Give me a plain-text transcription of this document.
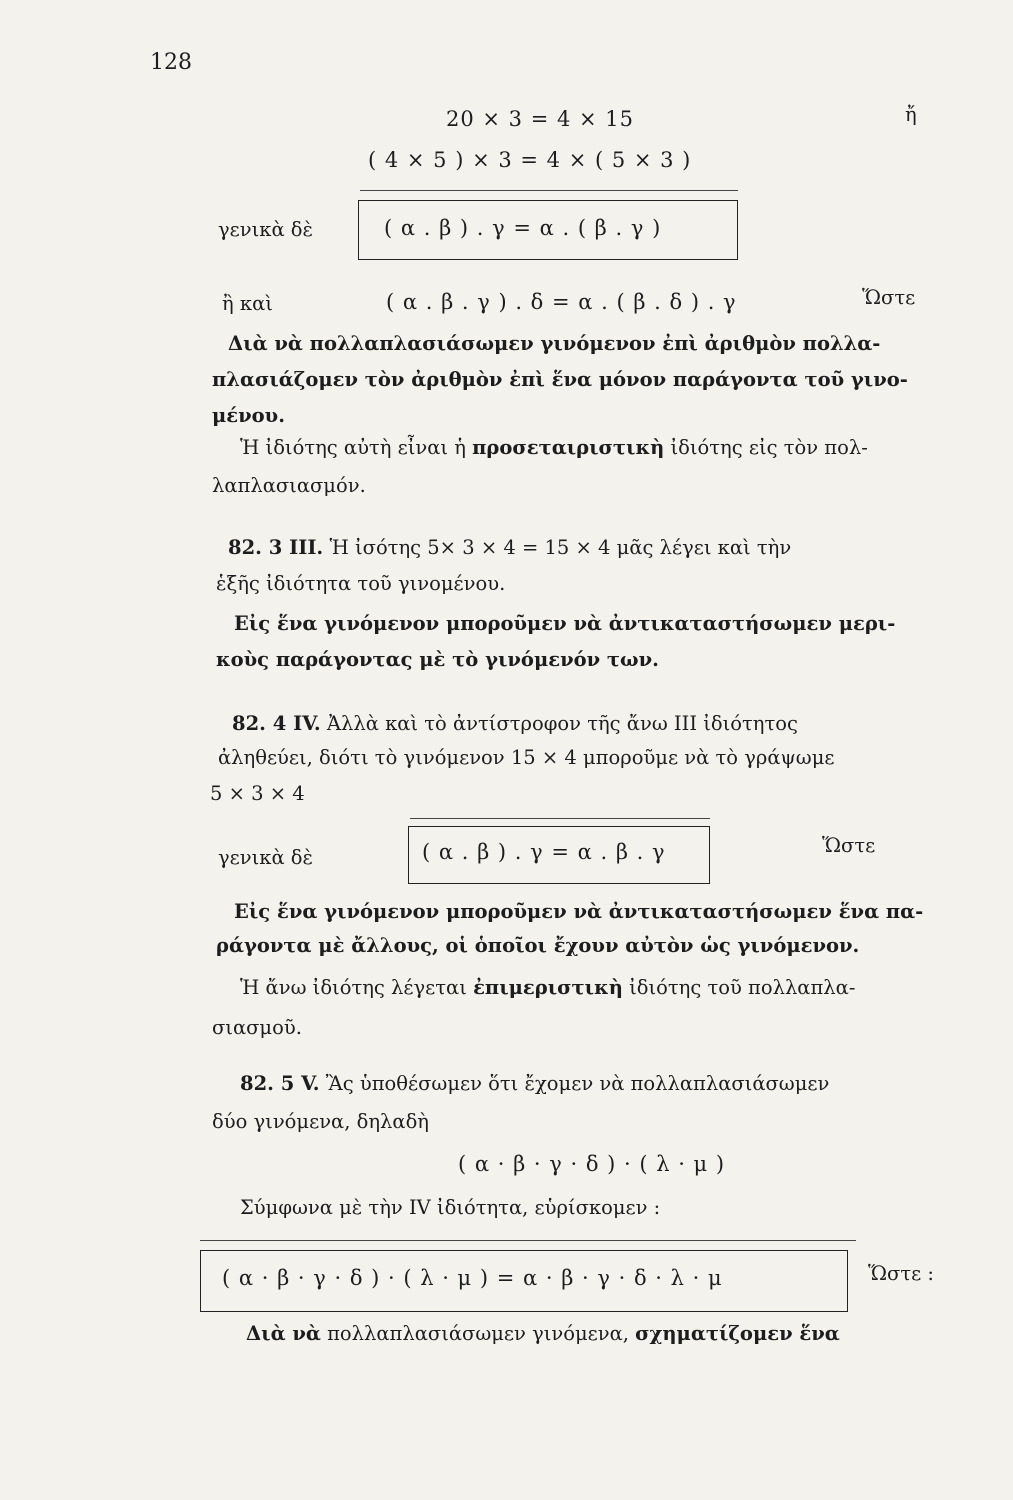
128
20 × 3 = 4 × 15	ἤ
( 4 × 5 ) × 3 = 4 × ( 5 × 3 )
γενικὰ δὲ	( α . β ) . γ = α . ( β . γ )
ἢ καὶ	( α . β . γ ) . δ = α . ( β . δ ) . γ	Ὥστε
Διὰ νὰ πολλαπλασιάσωμεν γινόμενον ἐπὶ ἀριθμὸν πολλα-
πλασιάζομεν τὸν ἀριθμὸν ἐπὶ ἕνα μόνον παράγοντα τοῦ γινο-
μένου.
Ἡ ἰδιότης αὐτὴ εἶναι ἡ προσεταιριστικὴ ἰδιότης εἰς τὸν πολ-
λαπλασιασμόν.
82. 3 III. Ἡ ἰσότης 5× 3 × 4 = 15 × 4 μᾶς λέγει καὶ τὴν
ἑξῆς ἰδιότητα τοῦ γινομένου.
Εἰς ἕνα γινόμενον μποροῦμεν νὰ ἀντικαταστήσωμεν μερι-
κοὺς παράγοντας μὲ τὸ γινόμενόν των.
82. 4 IV. Ἀλλὰ καὶ τὸ ἀντίστροφον τῆς ἄνω III ἰδιότητος
ἀληθεύει, διότι τὸ γινόμενον 15 × 4 μποροῦμε νὰ τὸ γράψωμε
5 × 3 × 4
γενικὰ δὲ	( α . β ) . γ = α . β . γ	Ὥστε
Εἰς ἕνα γινόμενον μποροῦμεν νὰ ἀντικαταστήσωμεν ἕνα πα-
ράγοντα μὲ ἄλλους, οἱ ὁποῖοι ἔχουν αὐτὸν ὡς γινόμενον.
Ἡ ἄνω ἰδιότης λέγεται ἐπιμεριστικὴ ἰδιότης τοῦ πολλαπλα-
σιασμοῦ.
82. 5 V. Ἂς ὑποθέσωμεν ὅτι ἔχομεν νὰ πολλαπλασιάσωμεν
δύο γινόμενα, δηλαδὴ
( α · β · γ · δ ) · ( λ · μ )
Σύμφωνα μὲ τὴν IV ἰδιότητα, εὑρίσκομεν :
( α · β · γ · δ ) · ( λ · μ ) = α · β · γ · δ · λ · μ	Ὥστε :
Διὰ νὰ πολλαπλασιάσωμεν γινόμενα, σχηματίζομεν ἕνα
